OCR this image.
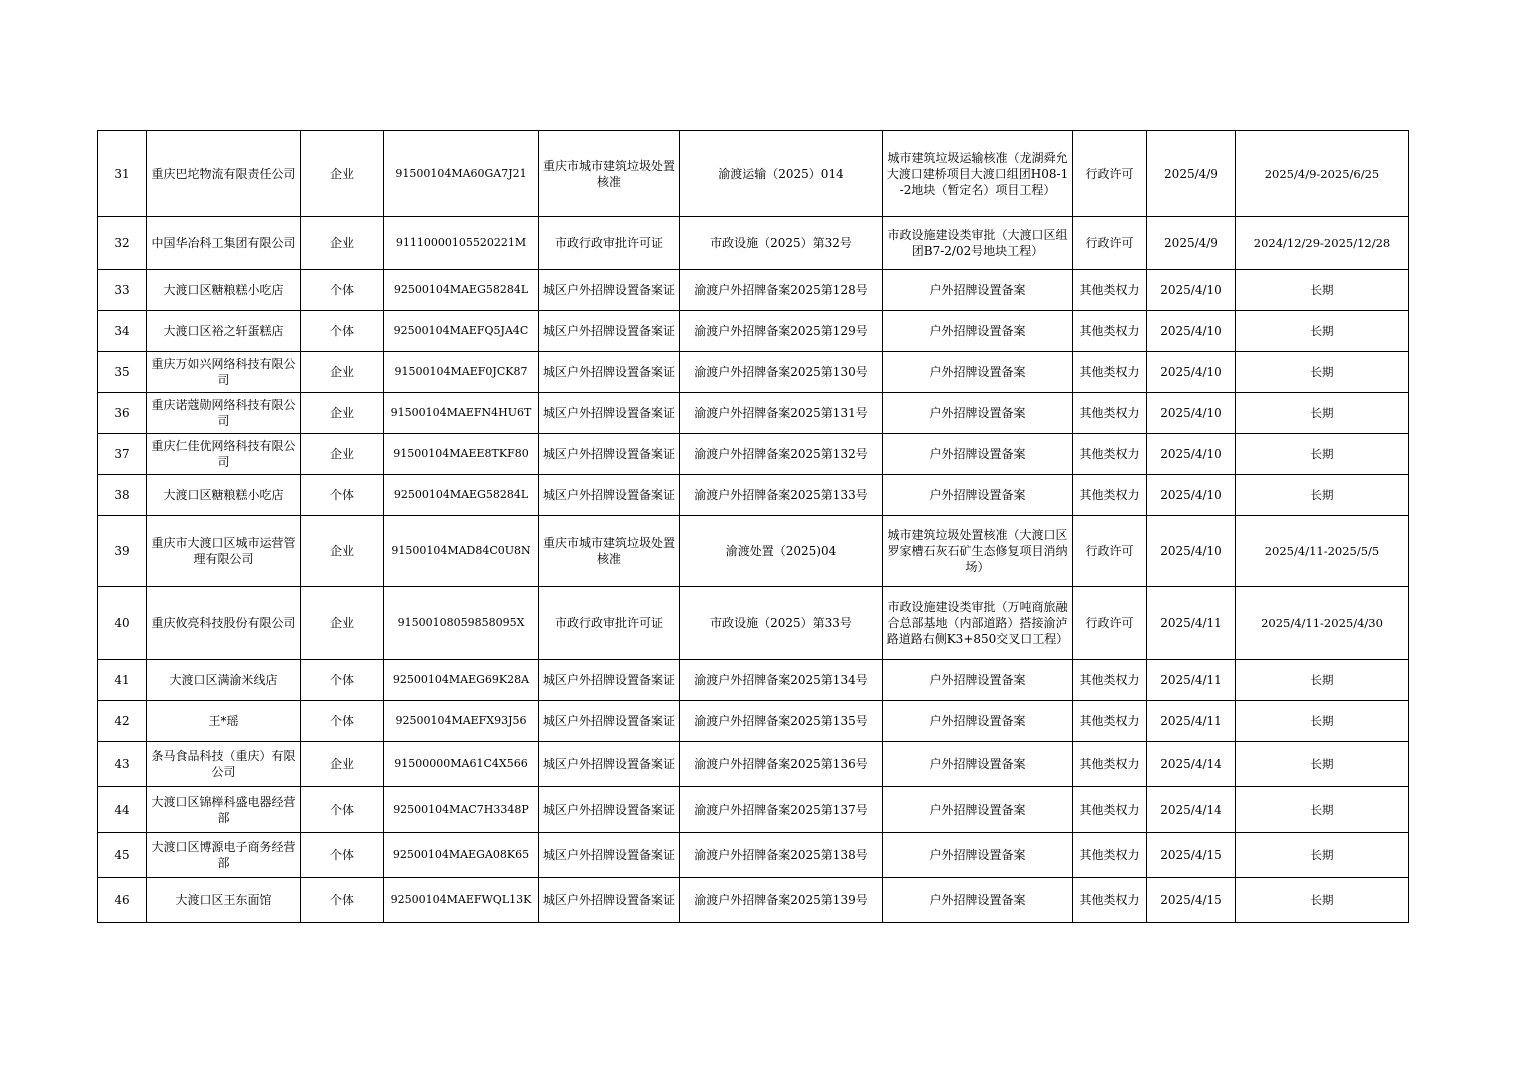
31	重庆巴坨物流有限责任公司	企业	91500104MA60GA7J21	重庆市城市建筑垃圾处置核准	渝渡运输（2025）014	城市建筑垃圾运输核准（龙湖舜允大渡口建桥项目大渡口组团H08-1-2地块（暂定名）项目工程）	行政许可	2025/4/9	2025/4/9-2025/6/25
32	中国华冶科工集团有限公司	企业	91110000105520221M	市政行政审批许可证	市政设施（2025）第32号	市政设施建设类审批（大渡口区组团B7-2/02号地块工程）	行政许可	2025/4/9	2024/12/29-2025/12/28
33	大渡口区糖粮糕小吃店	个体	92500104MAEG58284L	城区户外招牌设置备案证	渝渡户外招牌备案2025第128号	户外招牌设置备案	其他类权力	2025/4/10	长期
34	大渡口区裕之轩蛋糕店	个体	92500104MAEFQ5JA4C	城区户外招牌设置备案证	渝渡户外招牌备案2025第129号	户外招牌设置备案	其他类权力	2025/4/10	长期
35	重庆万如兴网络科技有限公司	企业	91500104MAEF0JCK87	城区户外招牌设置备案证	渝渡户外招牌备案2025第130号	户外招牌设置备案	其他类权力	2025/4/10	长期
36	重庆诺蔻勋网络科技有限公司	企业	91500104MAEFN4HU6T	城区户外招牌设置备案证	渝渡户外招牌备案2025第131号	户外招牌设置备案	其他类权力	2025/4/10	长期
37	重庆仁佳优网络科技有限公司	企业	91500104MAEE8TKF80	城区户外招牌设置备案证	渝渡户外招牌备案2025第132号	户外招牌设置备案	其他类权力	2025/4/10	长期
38	大渡口区糖粮糕小吃店	个体	92500104MAEG58284L	城区户外招牌设置备案证	渝渡户外招牌备案2025第133号	户外招牌设置备案	其他类权力	2025/4/10	长期
39	重庆市大渡口区城市运营管理有限公司	企业	91500104MAD84C0U8N	重庆市城市建筑垃圾处置核准	渝渡处置（2025)04	城市建筑垃圾处置核准（大渡口区罗家槽石灰石矿生态修复项目消纳场）	行政许可	2025/4/10	2025/4/11-2025/5/5
40	重庆攸亮科技股份有限公司	企业	91500108059858095X	市政行政审批许可证	市政设施（2025）第33号	市政设施建设类审批（万吨商旅融合总部基地（内部道路）搭接渝泸路道路右侧K3+850交叉口工程）	行政许可	2025/4/11	2025/4/11-2025/4/30
41	大渡口区满渝米线店	个体	92500104MAEG69K28A	城区户外招牌设置备案证	渝渡户外招牌备案2025第134号	户外招牌设置备案	其他类权力	2025/4/11	长期
42	王*瑶	个体	92500104MAEFX93J56	城区户外招牌设置备案证	渝渡户外招牌备案2025第135号	户外招牌设置备案	其他类权力	2025/4/11	长期
43	条马食品科技（重庆）有限公司	企业	91500000MA61C4X566	城区户外招牌设置备案证	渝渡户外招牌备案2025第136号	户外招牌设置备案	其他类权力	2025/4/14	长期
44	大渡口区锦榉科盛电器经营部	个体	92500104MAC7H3348P	城区户外招牌设置备案证	渝渡户外招牌备案2025第137号	户外招牌设置备案	其他类权力	2025/4/14	长期
45	大渡口区博源电子商务经营部	个体	92500104MAEGA08K65	城区户外招牌设置备案证	渝渡户外招牌备案2025第138号	户外招牌设置备案	其他类权力	2025/4/15	长期
46	大渡口区王东面馆	个体	92500104MAEFWQL13K	城区户外招牌设置备案证	渝渡户外招牌备案2025第139号	户外招牌设置备案	其他类权力	2025/4/15	长期
